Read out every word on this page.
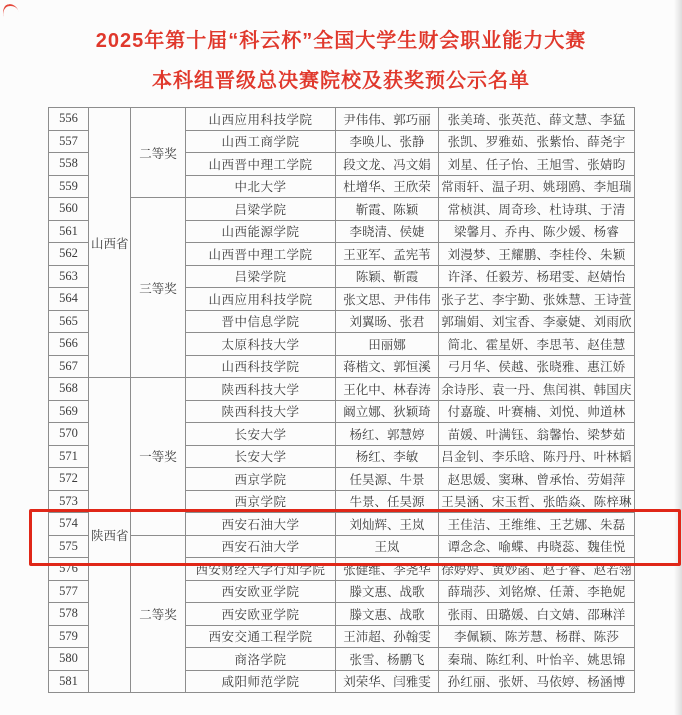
2025年第十届“科云杯”全国大学生财会职业能力大赛
本科组晋级总决赛院校及获奖预公示名单
556	山西省	二等奖	山西应用科技学院	尹伟伟、郭巧丽	张美琦、张英范、薛文慧、李猛
557			山西工商学院	李唤儿、张静	张凯、罗雅茹、张紫怡、薛尧宇
558			山西晋中理工学院	段文龙、冯文娟	刘星、任子怡、王旭雪、张婧昀
559			中北大学	杜增华、王欣荣	常雨轩、温子玥、姚珝鸥、李旭瑞
560		三等奖	吕梁学院	靳霞、陈颖	常桢淇、周奇珍、杜诗琪、于清
561			山西能源学院	李晓清、侯婕	梁馨月、乔冉、陈少媛、杨睿
562			山西晋中理工学院	王亚军、孟宪苇	刘漫梦、王耀鹏、李桂伶、朱颖
563			吕梁学院	陈颖、靳霞	许泽、任毅芳、杨珺雯、赵婧怡
564			山西应用科技学院	张文思、尹伟伟	张子艺、李宇勤、张姝慧、王诗萱
565			晋中信息学院	刘翼旸、张君	郭瑞娟、刘宝香、李豪婕、刘雨欣
566			太原科技大学	田丽娜	简北、霍星妍、李思苇、赵佳慧
567			山西科技学院	蒋楷文、郭恒溪	弓月华、侯越、张晓雅、惠江娇
568	陕西省	一等奖	陕西科技大学	王化中、林春涛	余诗彤、袁一丹、焦闰祺、韩国庆
569			陕西科技大学	阚立娜、狄颖琦	付嘉璇、叶赛楠、刘悦、帅道林
570			长安大学	杨红、郭慧婷	苗媛、叶满钰、翁馨怡、梁梦茹
571			长安大学	杨红、李敏	吕金钊、李乐晗、陈丹丹、叶林韬
572			西京学院	任昊源、牛景	赵思媛、窦琳、曾承怡、劳娟萍
573			西京学院	牛景、任昊源	王昊涵、宋玉哲、张皓焱、陈梓琳
574			西安石油大学	刘灿辉、王岚	王佳洁、王维维、王艺娜、朱磊
575		二等奖	西安石油大学	王岚	谭念念、喻蝶、冉晓蕊、魏佳悦
576			西安财经大学行知学院	张健维、李尧华	徐婷婷、黄妙菡、赵子睿、赵若翎
577			西安欧亚学院	滕文惠、战歌	薛瑞莎、刘铭燎、任萧、李艳妮
578			西安欧亚学院	滕文惠、战歌	张雨、田璐媛、白文婧、邵琳洋
579			西安交通工程学院	王沛超、孙翰雯	李佩颖、陈芳慧、杨群、陈莎
580			商洛学院	张雪、杨鹏飞	秦瑞、陈红利、叶怡辛、姚思锦
581			咸阳师范学院	刘荣华、闫雅雯	孙红丽、张妍、马依婷、杨涵博
